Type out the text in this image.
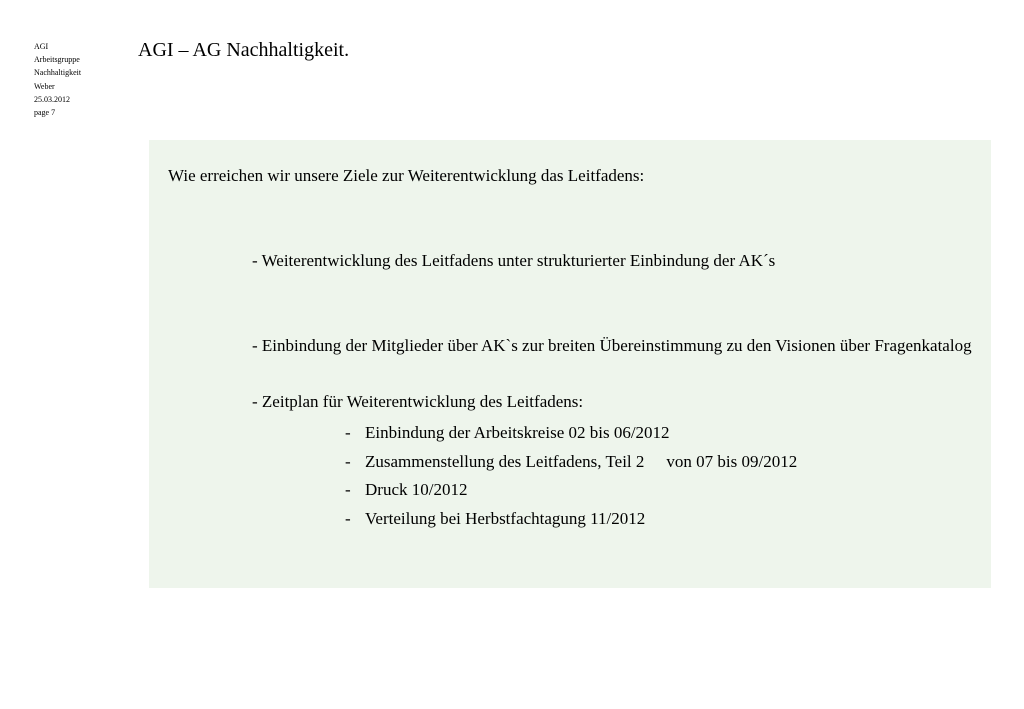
AGI
Arbeitsgruppe
Nachhaltigkeit
Weber
25.03.2012
page 7
AGI – AG Nachhaltigkeit.
Wie erreichen wir unsere Ziele zur Weiterentwicklung das Leitfadens:
- Weiterentwicklung des Leitfadens unter strukturierter Einbindung der AK´s
- Einbindung der Mitglieder über AK`s zur breiten Übereinstimmung zu den Visionen über Fragenkatalog
- Zeitplan für Weiterentwicklung des Leitfadens:
- Einbindung der Arbeitskreise 02 bis 06/2012
- Zusammenstellung des Leitfadens, Teil 2 von 07 bis 09/2012
- Druck 10/2012
- Verteilung bei Herbstfachtagung 11/2012
